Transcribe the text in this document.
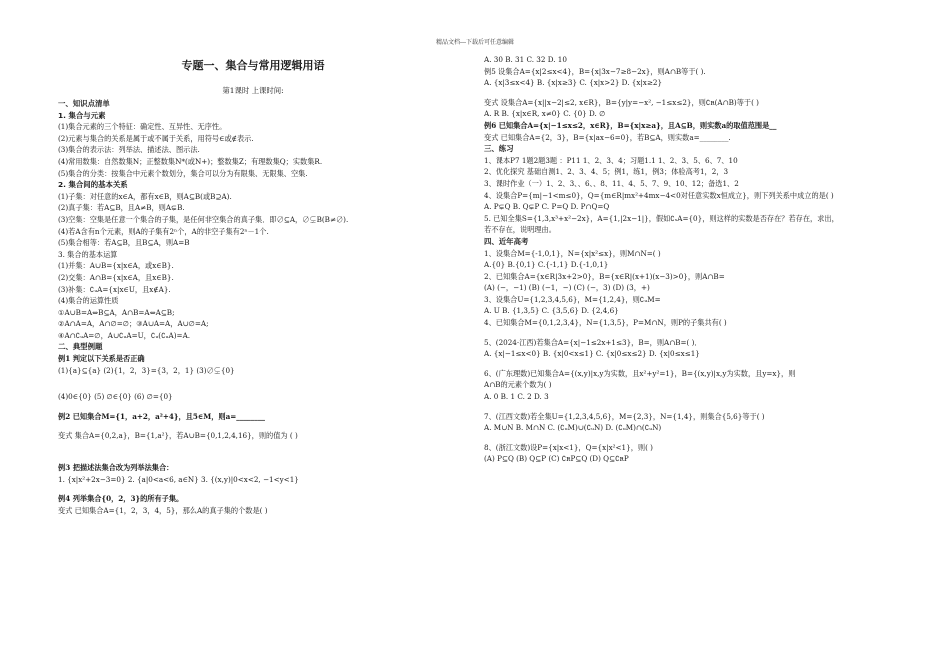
精品文档---下载后可任意编辑
专题一、集合与常用逻辑用语
第1课时 上课时间:
一、知识点清单
1. 集合与元素
(1)集合元素的三个特征：确定性、互异性、无序性。
(2)元素与集合的关系是属于或不属于关系，用符号∈或∉表示.
(3)集合的表示法：列举法、描述法、图示法.
(4)常用数集：自然数集N；正整数集N*(或N+)；整数集Z；有理数集Q；实数集R.
(5)集合的分类：按集合中元素个数划分，集合可以分为有限集、无限集、空集.
2. 集合间的基本关系
(1)子集：对任意的x∈A，都有x∈B，则A⊆B(或B⊇A).
(2)真子集：若A⊆B，且A≠B，则A⊊B.
(3)空集：空集是任意一个集合的子集，是任何非空集合的真子集．即∅⊆A，∅⊊B(B≠∅).
(4)若A含有n个元素，则A的子集有2ⁿ个，A的非空子集有2ⁿ－1个.
(5)集合相等：若A⊆B，且B⊆A，则A=B
3. 集合的基本运算
(1)并集：A∪B={x|x∈A，或x∈B}.
(2)交集：A∩B={x|x∈A，且x∈B}.
(3)补集：∁ᵤA={x|x∈U，且x∉A}.
(4)集合的运算性质
①A∪B=A⇔B⊆A，A∩B=A⇔A⊆B;
②A∩A=A，A∩∅=∅；③A∪A=A，A∪∅=A;
④A∩∁ᵤA=∅，A∪∁ᵤA=U，∁ᵤ(∁ᵤA)=A.
二、典型例题
例1 判定以下关系是否正确
(1){a}⊆{a} (2){1，2，3}={3，2，1} (3)∅⊊{0}
(4)0∈{0} (5) ∅∈{0} (6) ∅={0}
例2 已知集合M={1，a+2，a²+4}，且5∈M，则a=________
变式 集合A={0,2,a}，B={1,a²}，若A∪B={0,1,2,4,16}，则的值为 ( )
例3 把描述法集合改为列举法集合：
1. {x|x²+2x−3=0} 2. {a|0<a<6, a∈N} 3. {(x,y)|0<x<2, −1<y<1}
例4 列举集合{0，2，3}的所有子集。
变式 已知集合A={1，2，3，4，5}，那么A的真子集的个数是( )
A. 30 B. 31 C. 32 D. 10
例5 设集合A={x|2≤x<4}，B={x|3x−7≥8−2x}，则A∩B等于( ).
A. {x|3≤x<4} B. {x|x≥3} C. {x|x>2} D. {x|x≥2}
变式 设集合A={x||x−2|≤2, x∈R}，B={y|y=−x², −1≤x≤2}，则∁ʀ(A∩B)等于( )
A. R B. {x|x∈R, x≠0} C. {0} D. ∅
例6 已知集合A={x|−1≤x≤2，x∈R}，B={x|x≥a}，且A⊆B，则实数a的取值范围是__
变式 已知集合A={2，3}，B={x|ax−6=0}，若B⊆A，则实数a=________.
三、练习
1、课本P7 1题2题3题 ：P11 1、2、3、4；习题1.1 1、2、3、5、6、7、10
2、优化探究 基础自测1、2、3、4、5；例1，练1，例3；体验高考1，2，3
3、课时作业（一）1、2、3、、6、、8、11、4、5、7、9、10、12；备选1、2
4、设集合P={m|−1<m≤0}，Q={m∈R|mx²+4mx−4<0对任意实数x恒成立}，则下列关系中成立的是( )
A. P⊊Q B. Q⊊P C. P=Q D. P∩Q=Q
5. 已知全集S={1,3,x³+x²−2x}，A={1,|2x−1|}，假如∁ₛA={0}，则这样的实数是否存在？若存在，求出，
若不存在，说明理由。
四、近年高考
1、设集合M={-1,0,1}，N={x|x²≤x}，则M∩N=( )
A.{0} B.{0,1} C.{-1,1} D.{-1,0,1}
2、已知集合A={x∈R|3x+2>0}，B={x∈R|(x+1)(x−3)>0}，则A∩B=
(A) (−，−1) (B) (−1，−) (C) (−，3) (D) (3，+)
3、设集合U={1,2,3,4,5,6}，M={1,2,4}，则∁ᵤM=
A. U B. {1,3,5} C. {3,5,6} D. {2,4,6}
4、已知集合M={0,1,2,3,4}，N={1,3,5}，P=M∩N，则P的子集共有( )
5、(2024·江西)若集合A={x|−1≤2x+1≤3}，B=，则A∩B=( )．
A. {x|−1≤x<0} B. {x|0<x≤1} C. {x|0≤x≤2} D. {x|0≤x≤1}
6、(广东理数)已知集合A={(x,y)|x,y为实数，且x²+y²=1}，B={(x,y)|x,y为实数，且y=x}，则
A∩B的元素个数为( )
A. 0 B. 1 C. 2 D. 3
7、(江西文数)若全集U={1,2,3,4,5,6}，M={2,3}，N={1,4}，则集合{5,6}等于( )
A. M∪N B. M∩N C. (∁ᵤM)∪(∁ᵤN) D. (∁ᵤM)∩(∁ᵤN)
8、(浙江文数)设P={x|x<1}，Q={x|x²<1}，则( )
(A) P⊆Q (B) Q⊆P (C) ∁ʀP⊆Q (D) Q⊆∁ʀP
